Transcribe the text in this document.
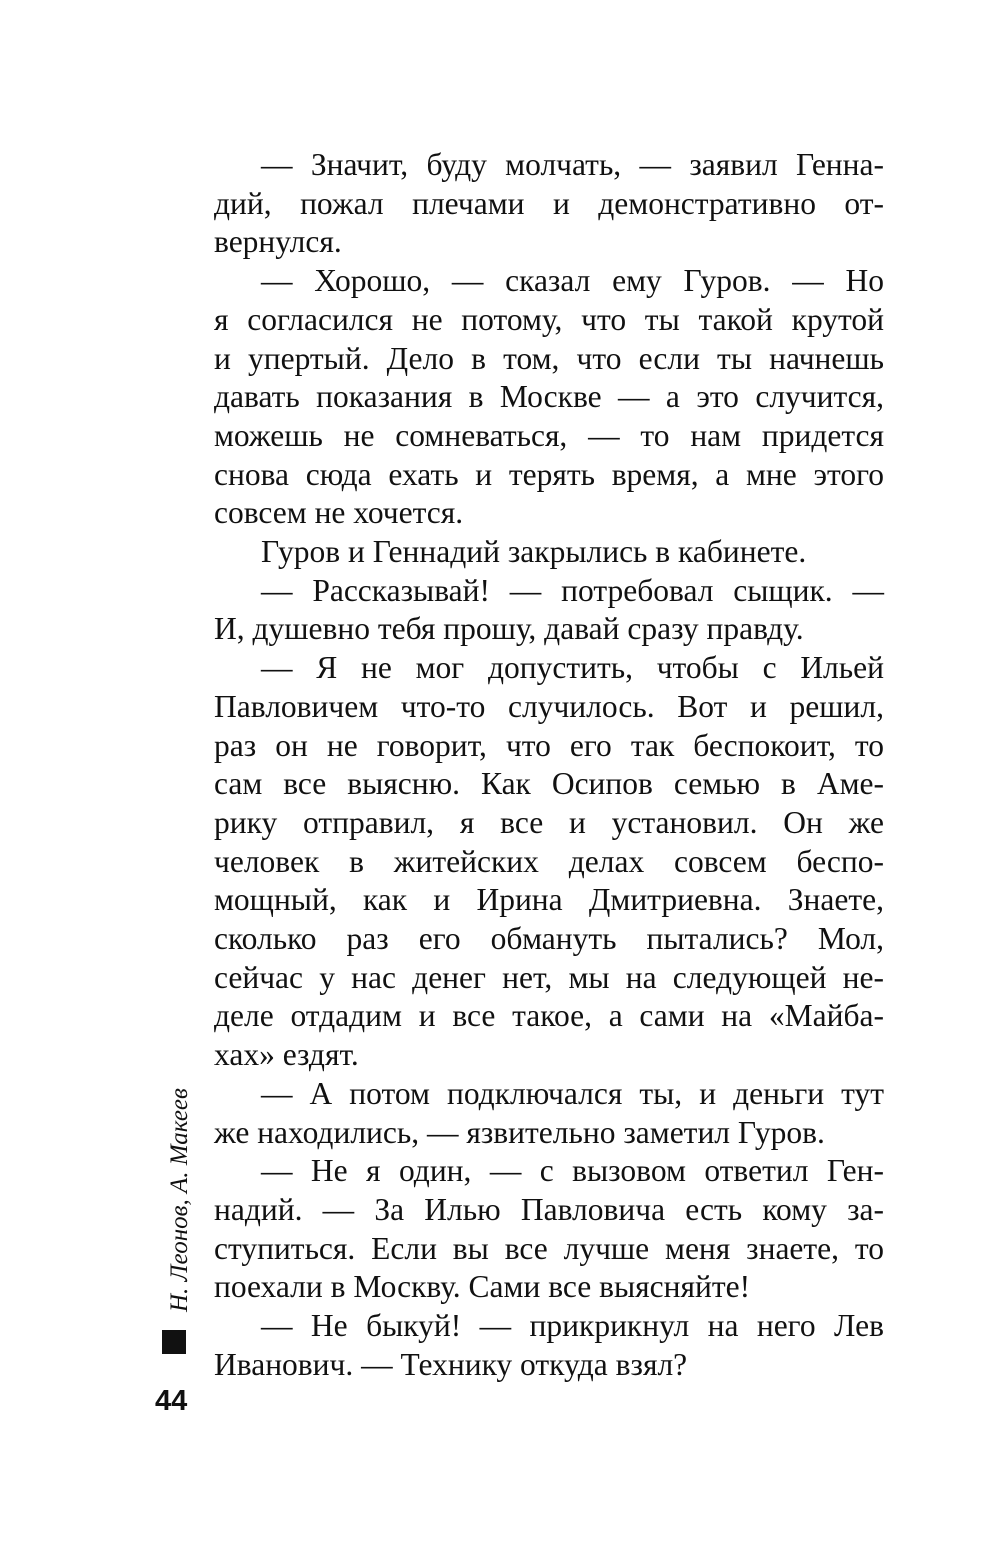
— Значит, буду молчать, — заявил Генна-
дий, пожал плечами и демонстративно от-
вернулся.
— Хорошо, — сказал ему Гуров. — Но
я согласился не потому, что ты такой крутой
и упертый. Дело в том, что если ты начнешь
давать показания в Москве — а это случится,
можешь не сомневаться, — то нам придется
снова сюда ехать и терять время, а мне этого
совсем не хочется.
Гуров и Геннадий закрылись в кабинете.
— Рассказывай! — потребовал сыщик. —
И, душевно тебя прошу, давай сразу правду.
— Я не мог допустить, чтобы с Ильей
Павловичем что-то случилось. Вот и решил,
раз он не говорит, что его так беспокоит, то
сам все выясню. Как Осипов семью в Аме-
рику отправил, я все и установил. Он же
человек в житейских делах совсем беспо-
мощный, как и Ирина Дмитриевна. Знаете,
сколько раз его обмануть пытались? Мол,
сейчас у нас денег нет, мы на следующей не-
деле отдадим и все такое, а сами на «Майба-
хах» ездят.
— А потом подключался ты, и деньги тут
же находились, — язвительно заметил Гуров.
— Не я один, — с вызовом ответил Ген-
надий. — За Илью Павловича есть кому за-
ступиться. Если вы все лучше меня знаете, то
поехали в Москву. Сами все выясняйте!
— Не быкуй! — прикрикнул на него Лев
Иванович. — Технику откуда взял?
Н. Леонов, А. Макеев
44
